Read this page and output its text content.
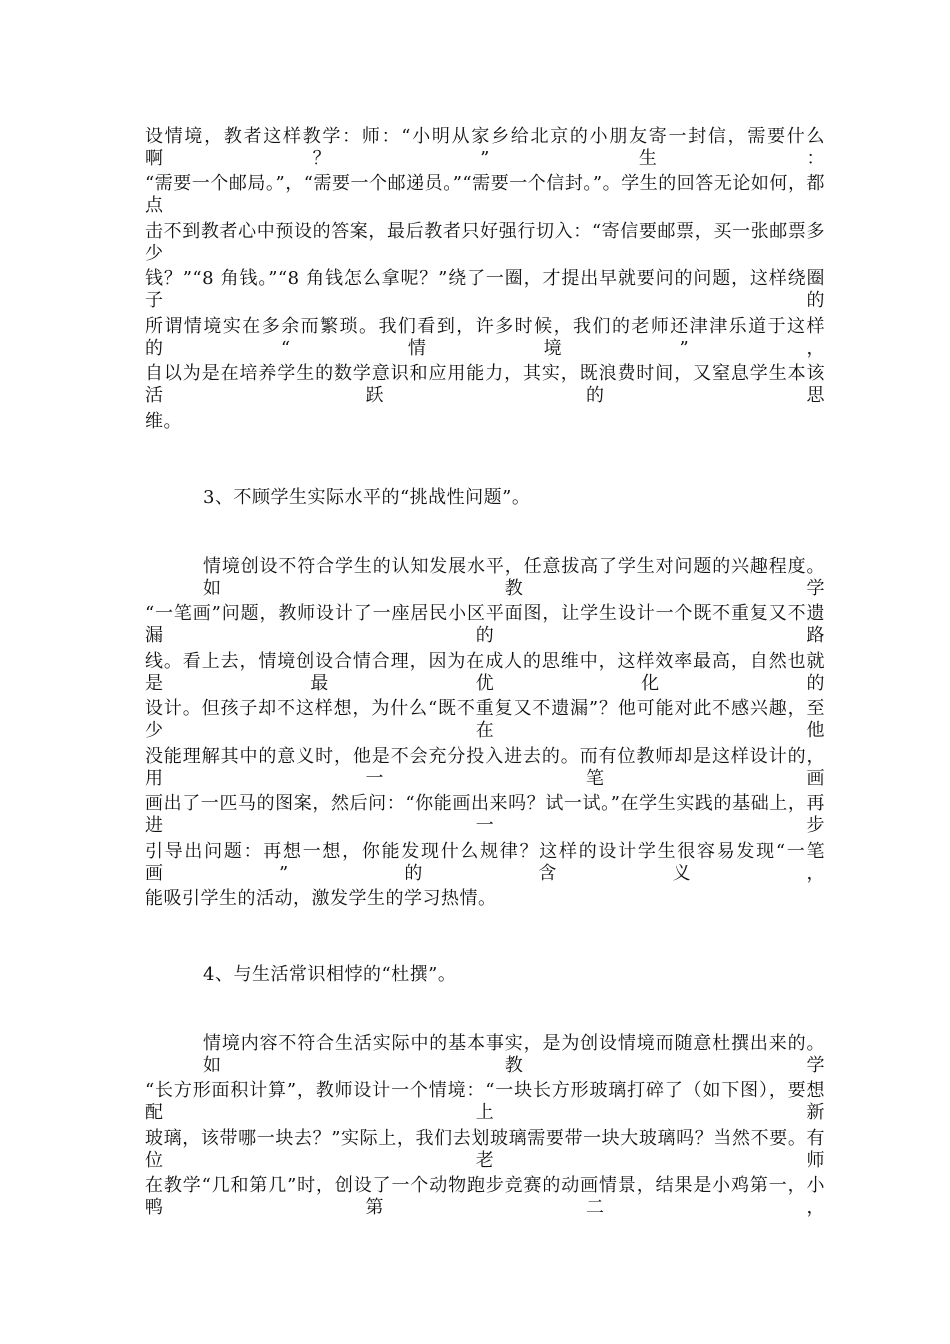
设情境，教者这样教学：师：“小明从家乡给北京的小朋友寄一封信，需要什么啊？”生：
“需要一个邮局。”，“需要一个邮递员。”“需要一个信封。”。学生的回答无论如何，都点
击不到教者心中预设的答案，最后教者只好强行切入：“寄信要邮票，买一张邮票多少
钱？”“8 角钱。”“8 角钱怎么拿呢？”绕了一圈，才提出早就要问的问题，这样绕圈子的
所谓情境实在多余而繁琐。我们看到，许多时候，我们的老师还津津乐道于这样的“情境”，
自以为是在培养学生的数学意识和应用能力，其实，既浪费时间，又窒息学生本该活跃的思
维。
3、不顾学生实际水平的“挑战性问题”。
情境创设不符合学生的认知发展水平，任意拔高了学生对问题的兴趣程度。如教学
“一笔画”问题，教师设计了一座居民小区平面图，让学生设计一个既不重复又不遗漏的路
线。看上去，情境创设合情合理，因为在成人的思维中，这样效率最高，自然也就是最优化的
设计。但孩子却不这样想，为什么“既不重复又不遗漏”？他可能对此不感兴趣，至少在他
没能理解其中的意义时，他是不会充分投入进去的。而有位教师却是这样设计的，用一笔画
画出了一匹马的图案，然后问：“你能画出来吗？试一试。”在学生实践的基础上，再进一步
引导出问题：再想一想，你能发现什么规律？这样的设计学生很容易发现“一笔画”的含义，
能吸引学生的活动，激发学生的学习热情。
4、与生活常识相悖的“杜撰”。
情境内容不符合生活实际中的基本事实，是为创设情境而随意杜撰出来的。如教学
“长方形面积计算”，教师设计一个情境：“一块长方形玻璃打碎了（如下图），要想配上新
玻璃，该带哪一块去？”实际上，我们去划玻璃需要带一块大玻璃吗？当然不要。有位老师
在教学“几和第几”时，创设了一个动物跑步竞赛的动画情景，结果是小鸡第一，小鸭第二，
